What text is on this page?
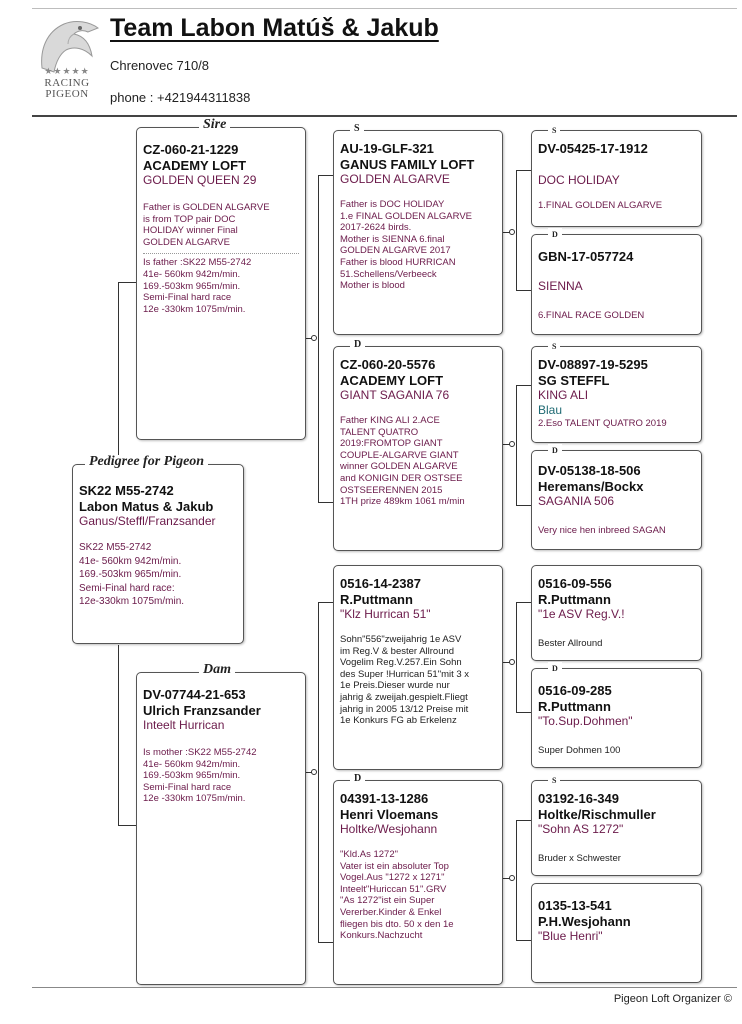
★★★★★
RACING PIGEON
Team Labon Matúš & Jakub
Chrenovec 710/8
phone : +421944311838
Pedigree for Pigeon
SK22 M55-2742
Labon Matus & Jakub
Ganus/Steffl/Franzsander
SK22 M55-2742
41e- 560km 942m/min.
169.-503km 965m/min.
Semi-Final hard race:
12e-330km 1075m/min.
Sire
CZ-060-21-1229
ACADEMY LOFT
GOLDEN QUEEN 29
Father is GOLDEN ALGARVE
is from TOP pair DOC
HOLIDAY winner Final
GOLDEN ALGARVE
Is father :SK22 M55-2742
41e- 560km 942m/min.
169.-503km 965m/min.
Semi-Final hard race
12e -330km 1075m/min.
Dam
DV-07744-21-653
Ulrich Franzsander
Inteelt Hurrican
Is mother :SK22 M55-2742
41e- 560km 942m/min.
169.-503km 965m/min.
Semi-Final hard race
12e -330km 1075m/min.
S
AU-19-GLF-321
GANUS FAMILY LOFT
GOLDEN ALGARVE
Father is DOC HOLIDAY
1.e FINAL GOLDEN ALGARVE
2017-2624 birds.
Mother is SIENNA 6.final
GOLDEN ALGARVE 2017
Father is blood HURRICAN
51.Schellens/Verbeeck
Mother is blood
D
CZ-060-20-5576
ACADEMY LOFT
GIANT SAGANIA 76
Father KING ALI 2.ACE
TALENT QUATRO
2019:FROMTOP GIANT
COUPLE-ALGARVE GIANT
winner GOLDEN ALGARVE
and KONIGIN DER OSTSEE
OSTSEERENNEN 2015
1TH prize 489km 1061 m/min
0516-14-2387
R.Puttmann
"Klz Hurrican 51"
Sohn"556"zweijahrig 1e ASV
im Reg.V & bester Allround
Vogelim Reg.V.257.Ein Sohn
des Super !Hurrican 51"mit 3 x
1e Preis.Dieser wurde nur
jahrig & zweijah.gespielt.Fliegt
jahrig in 2005 13/12 Preise mit
1e Konkurs FG ab Erkelenz
D
04391-13-1286
Henri Vloemans
Holtke/Wesjohann
"Kld.As 1272"
Vater ist ein absoluter Top
Vogel.Aus "1272 x 1271"
Inteelt"Huriccan 51".GRV
"As 1272"ist ein Super
Vererber.Kinder & Enkel
fliegen bis dto. 50 x den 1e
Konkurs.Nachzucht
S
DV-05425-17-1912
DOC HOLIDAY
1.FINAL GOLDEN ALGARVE
D
GBN-17-057724
SIENNA
6.FINAL RACE GOLDEN
S
DV-08897-19-5295
SG STEFFL
KING ALI
Blau
2.Eso TALENT QUATRO 2019
D
DV-05138-18-506
Heremans/Bockx
SAGANIA 506
Very nice hen inbreed SAGAN
0516-09-556
R.Puttmann
"1e ASV Reg.V.!
Bester Allround
D
0516-09-285
R.Puttmann
"To.Sup.Dohmen"
Super Dohmen 100
S
03192-16-349
Holtke/Rischmuller
"Sohn AS 1272"
Bruder x Schwester
0135-13-541
P.H.Wesjohann
"Blue Henri"
Pigeon Loft Organizer ©
